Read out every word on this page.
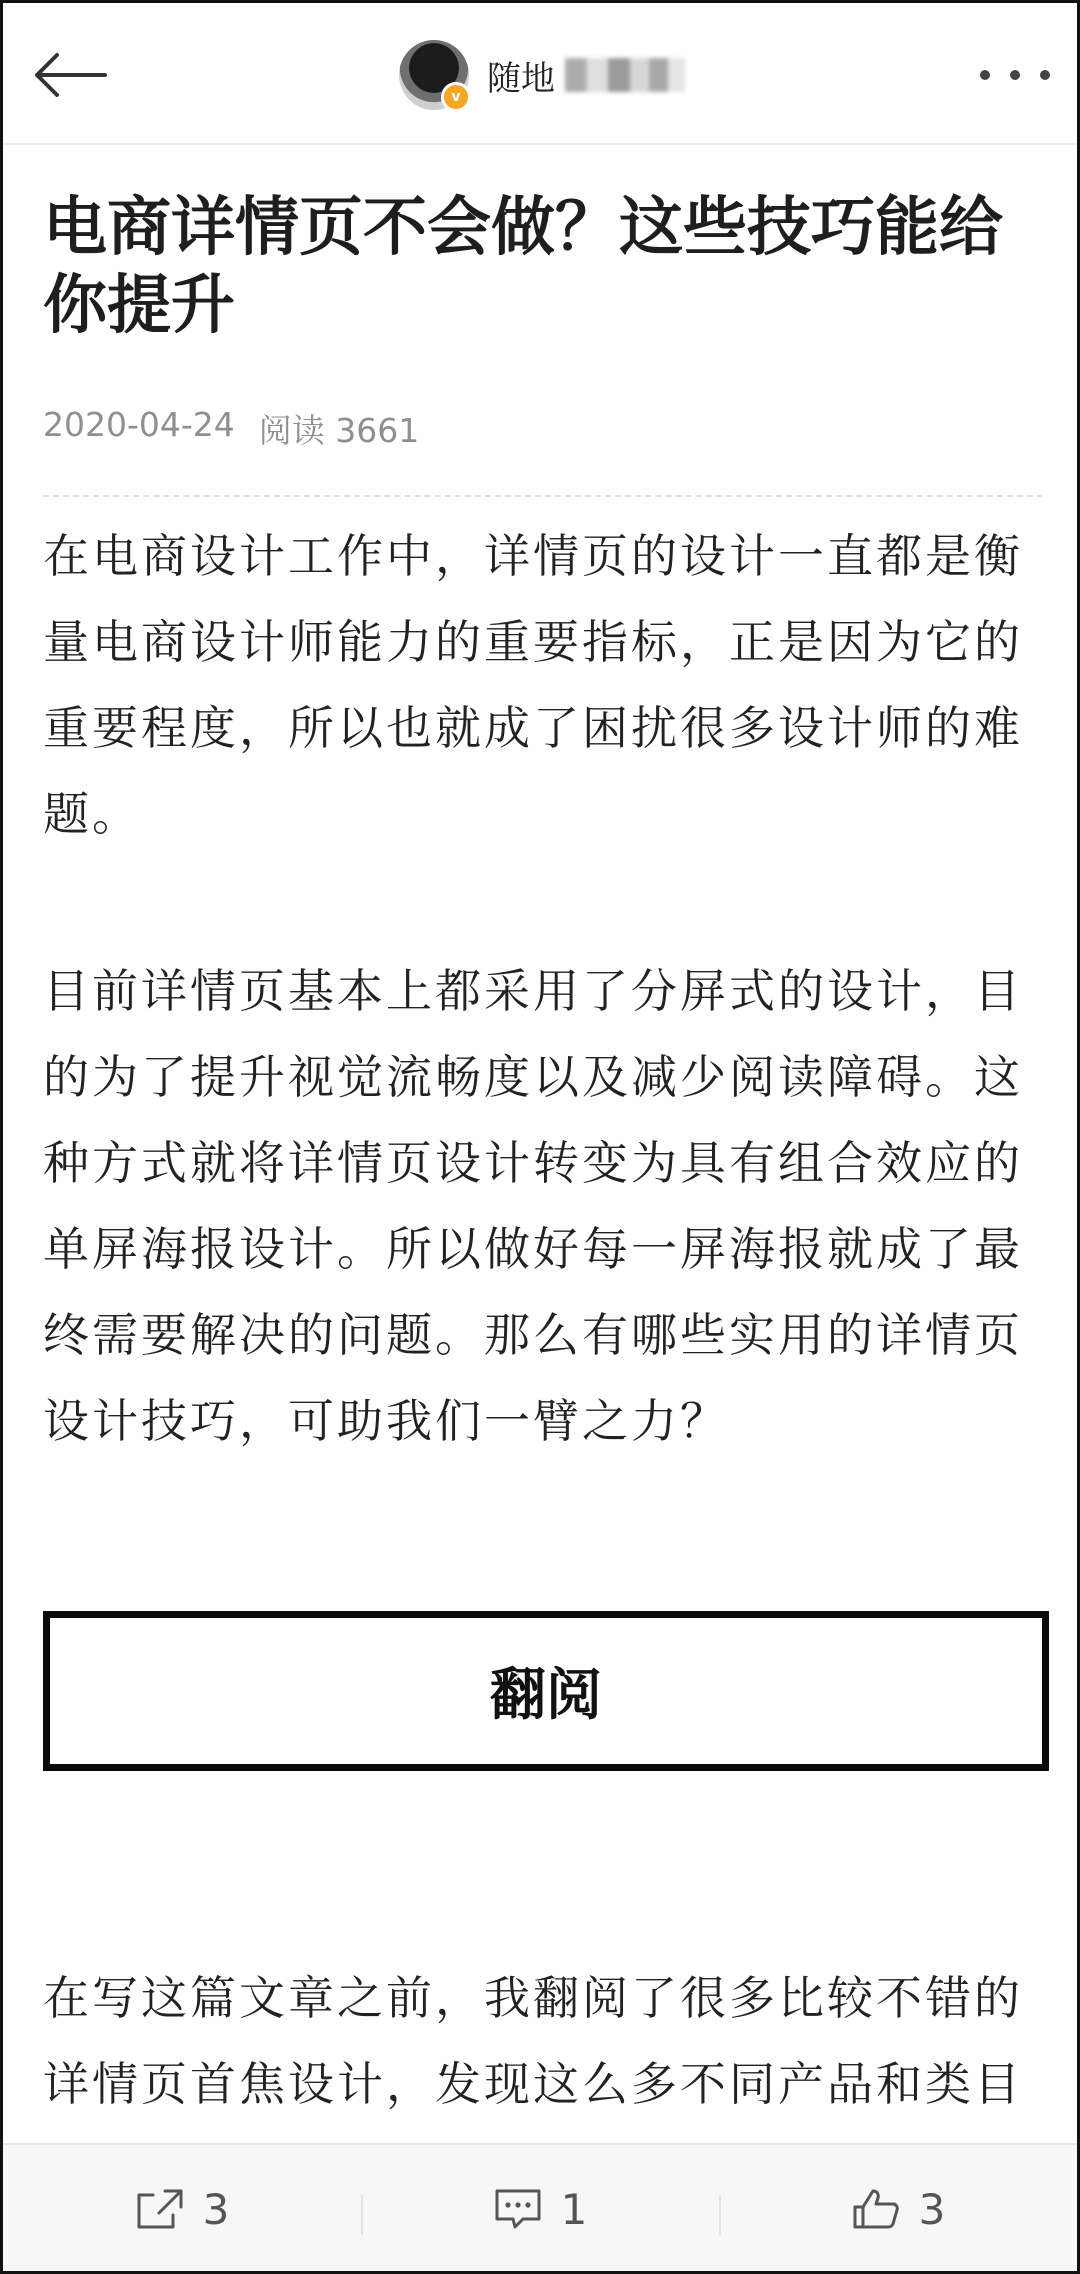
v 随地
电商详情页不会做？这些技巧能给你提升
2020-04-24 阅读 3661

在电商设计工作中，详情页的设计一直都是衡量电商设计师能力的重要指标，正是因为它的重要程度，所以也就成了困扰很多设计师的难题。

目前详情页基本上都采用了分屏式的设计，目的为了提升视觉流畅度以及减少阅读障碍。这种方式就将详情页设计转变为具有组合效应的单屏海报设计。所以做好每一屏海报就成了最终需要解决的问题。那么有哪些实用的详情页设计技巧，可助我们一臂之力？

翻阅

在写这篇文章之前，我翻阅了很多比较不错的详情页首焦设计，发现这么多不同产品和类目

3	1	3
